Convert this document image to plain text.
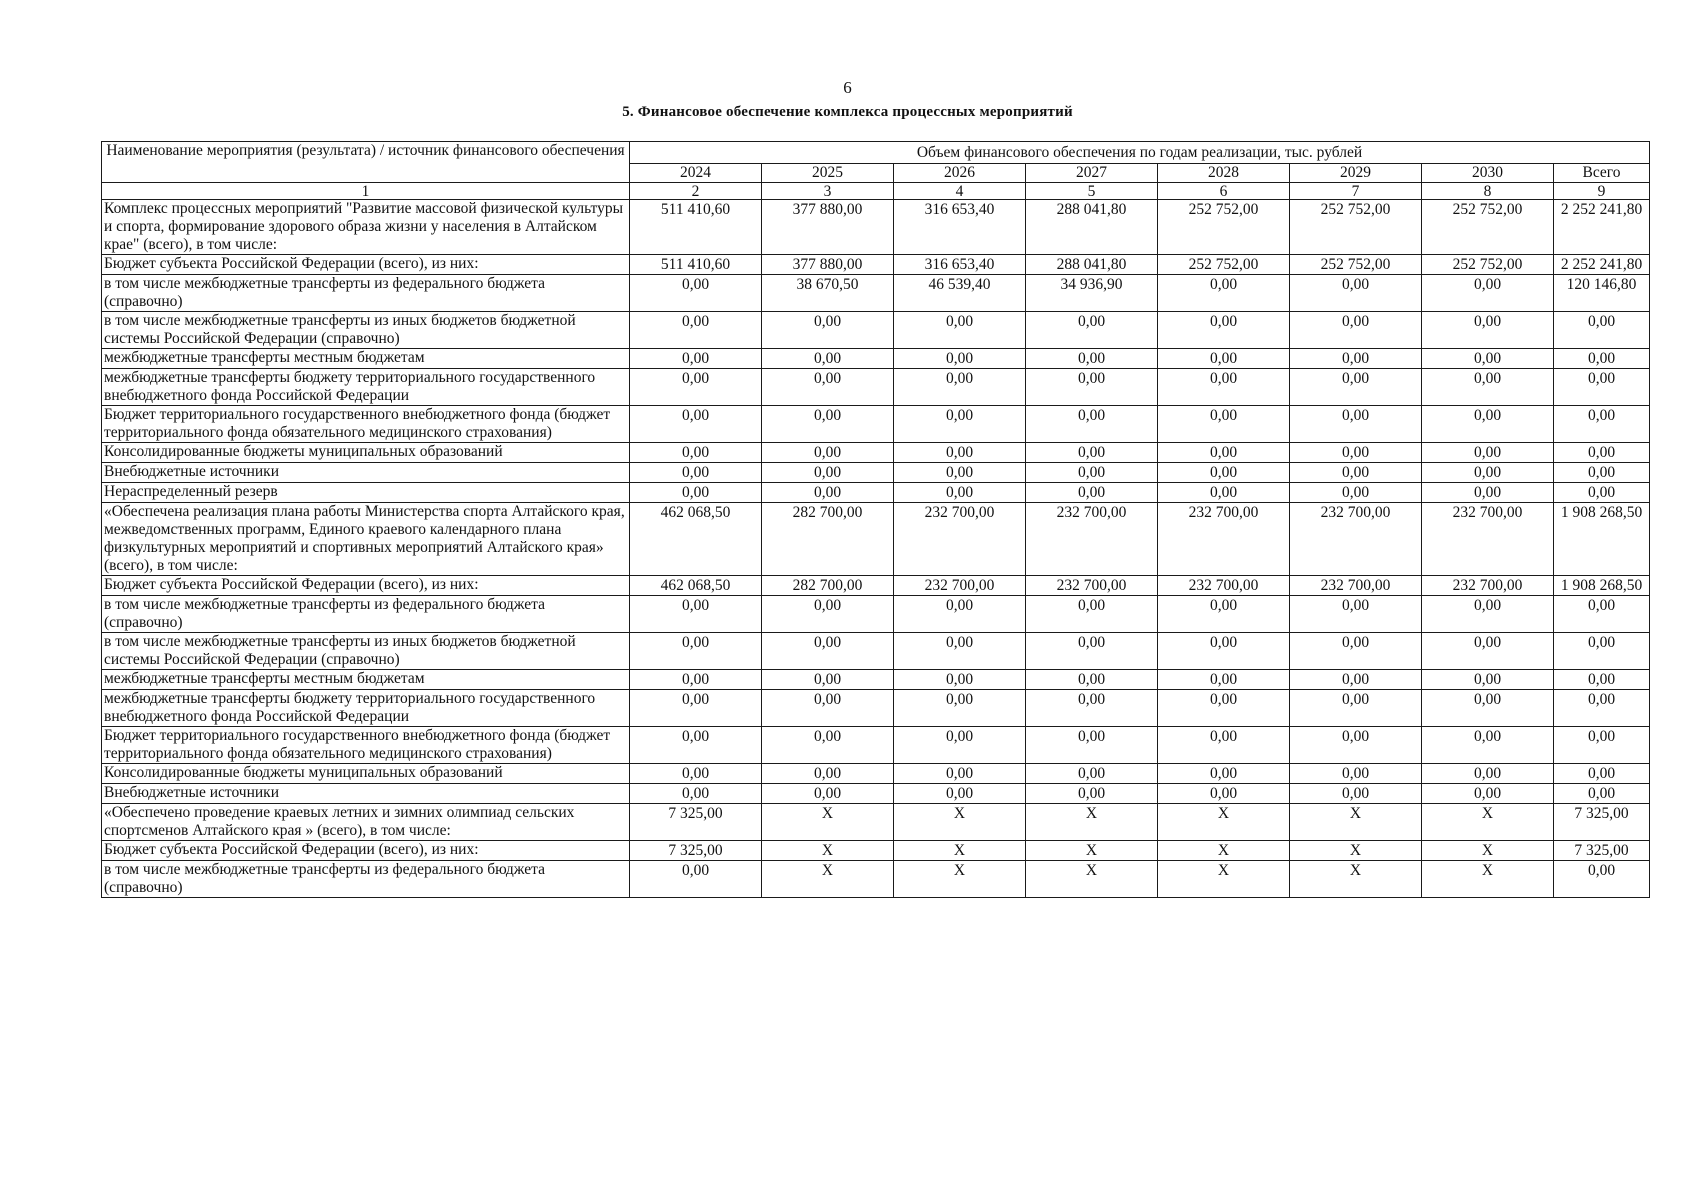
6
5. Финансовое обеспечение комплекса процессных мероприятий
Наименование мероприятия (результата) / источник финансового обеспечения	Объем финансового обеспечения по годам реализации, тыс. рублей							
	2024	2025	2026	2027	2028	2029	2030	Всего
1	2	3	4	5	6	7	8	9
Комплекс процессных мероприятий "Развитие массовой физической культуры и спорта, формирование здорового образа жизни у населения в Алтайском крае" (всего), в том числе:	511 410,60	377 880,00	316 653,40	288 041,80	252 752,00	252 752,00	252 752,00	2 252 241,80
Бюджет субъекта Российской Федерации (всего), из них:	511 410,60	377 880,00	316 653,40	288 041,80	252 752,00	252 752,00	252 752,00	2 252 241,80
в том числе межбюджетные трансферты из федерального бюджета (справочно)	0,00	38 670,50	46 539,40	34 936,90	0,00	0,00	0,00	120 146,80
в том числе межбюджетные трансферты из иных бюджетов бюджетной системы Российской Федерации (справочно)	0,00	0,00	0,00	0,00	0,00	0,00	0,00	0,00
межбюджетные трансферты местным бюджетам	0,00	0,00	0,00	0,00	0,00	0,00	0,00	0,00
межбюджетные трансферты бюджету территориального государственного внебюджетного фонда Российской Федерации	0,00	0,00	0,00	0,00	0,00	0,00	0,00	0,00
Бюджет территориального государственного внебюджетного фонда (бюджет территориального фонда обязательного медицинского страхования)	0,00	0,00	0,00	0,00	0,00	0,00	0,00	0,00
Консолидированные бюджеты муниципальных образований	0,00	0,00	0,00	0,00	0,00	0,00	0,00	0,00
Внебюджетные источники	0,00	0,00	0,00	0,00	0,00	0,00	0,00	0,00
Нераспределенный резерв	0,00	0,00	0,00	0,00	0,00	0,00	0,00	0,00
«Обеспечена реализация плана работы Министерства спорта Алтайского края, межведомственных программ, Единого краевого календарного плана физкультурных мероприятий и спортивных мероприятий Алтайского края» (всего), в том числе:	462 068,50	282 700,00	232 700,00	232 700,00	232 700,00	232 700,00	232 700,00	1 908 268,50
Бюджет субъекта Российской Федерации (всего), из них:	462 068,50	282 700,00	232 700,00	232 700,00	232 700,00	232 700,00	232 700,00	1 908 268,50
в том числе межбюджетные трансферты из федерального бюджета (справочно)	0,00	0,00	0,00	0,00	0,00	0,00	0,00	0,00
в том числе межбюджетные трансферты из иных бюджетов бюджетной системы Российской Федерации (справочно)	0,00	0,00	0,00	0,00	0,00	0,00	0,00	0,00
межбюджетные трансферты местным бюджетам	0,00	0,00	0,00	0,00	0,00	0,00	0,00	0,00
межбюджетные трансферты бюджету территориального государственного внебюджетного фонда Российской Федерации	0,00	0,00	0,00	0,00	0,00	0,00	0,00	0,00
Бюджет территориального государственного внебюджетного фонда (бюджет территориального фонда обязательного медицинского страхования)	0,00	0,00	0,00	0,00	0,00	0,00	0,00	0,00
Консолидированные бюджеты муниципальных образований	0,00	0,00	0,00	0,00	0,00	0,00	0,00	0,00
Внебюджетные источники	0,00	0,00	0,00	0,00	0,00	0,00	0,00	0,00
«Обеспечено проведение краевых летних и зимних олимпиад сельских спортсменов Алтайского края » (всего), в том числе:	7 325,00	X	X	X	X	X	X	7 325,00
Бюджет субъекта Российской Федерации (всего), из них:	7 325,00	X	X	X	X	X	X	7 325,00
в том числе межбюджетные трансферты из федерального бюджета (справочно)	0,00	X	X	X	X	X	X	0,00
